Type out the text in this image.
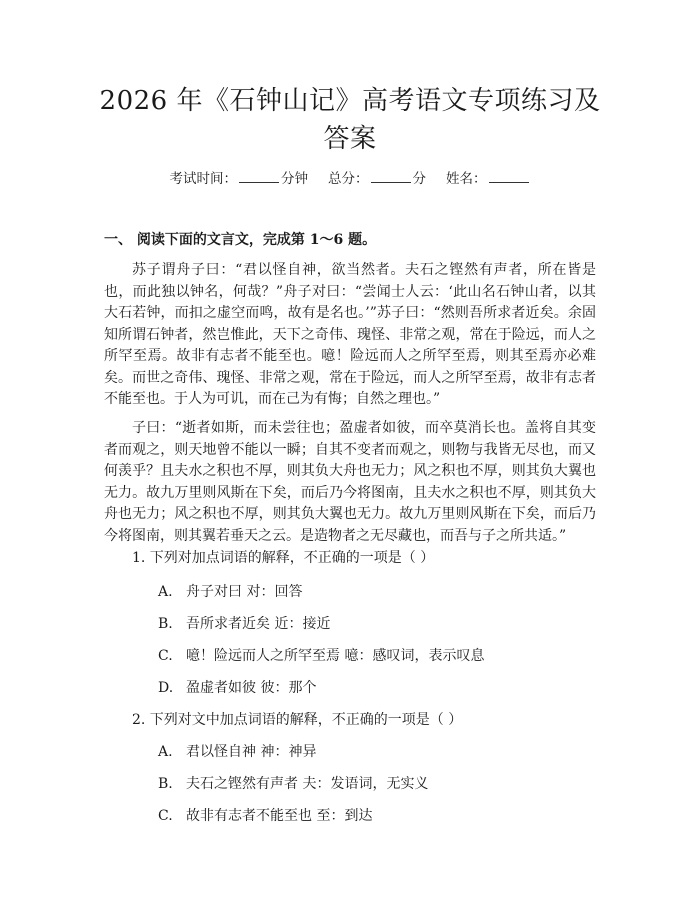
2026 年《石钟山记》高考语文专项练习及答案
考试时间：	分钟 总分：	分 姓名：
一、 阅读下面的文言文，完成第 1～6 题。

苏子谓舟子曰：“君以怪自神，欲当然者。夫石之铿然有声者，所在皆是也，而此独以钟名，何哉？”舟子对曰：“尝闻士人云：‘此山名石钟山者，以其大石若钟，而扣之虚空而鸣，故有是名也。’”苏子曰：“然则吾所求者近矣。余固知所谓石钟者，然岂惟此，天下之奇伟、瑰怪、非常之观，常在于险远，而人之所罕至焉。故非有志者不能至也。噫！险远而人之所罕至焉，则其至焉亦必难矣。而世之奇伟、瑰怪、非常之观，常在于险远，而人之所罕至焉，故非有志者不能至也。于人为可讥，而在己为有悔；自然之理也。”

子曰：“逝者如斯，而未尝往也；盈虚者如彼，而卒莫消长也。盖将自其变者而观之，则天地曾不能以一瞬；自其不变者而观之，则物与我皆无尽也，而又何羡乎？且夫水之积也不厚，则其负大舟也无力；风之积也不厚，则其负大翼也无力。故九万里则风斯在下矣，而后乃今将图南，且夫水之积也不厚，则其负大舟也无力；风之积也不厚，则其负大翼也无力。故九万里则风斯在下矣，而后乃今将图南，则其翼若垂天之云。是造物者之无尽藏也，而吾与子之所共适。”

1. 下列对加点词语的解释，不正确的一项是（ ）
A. 舟子对曰 对：回答
B. 吾所求者近矣 近：接近
C. 噫！险远而人之所罕至焉 噫：感叹词，表示叹息
D. 盈虚者如彼 彼：那个
2. 下列对文中加点词语的解释，不正确的一项是（ ）
A. 君以怪自神 神：神异
B. 夫石之铿然有声者 夫：发语词，无实义
C. 故非有志者不能至也 至：到达
